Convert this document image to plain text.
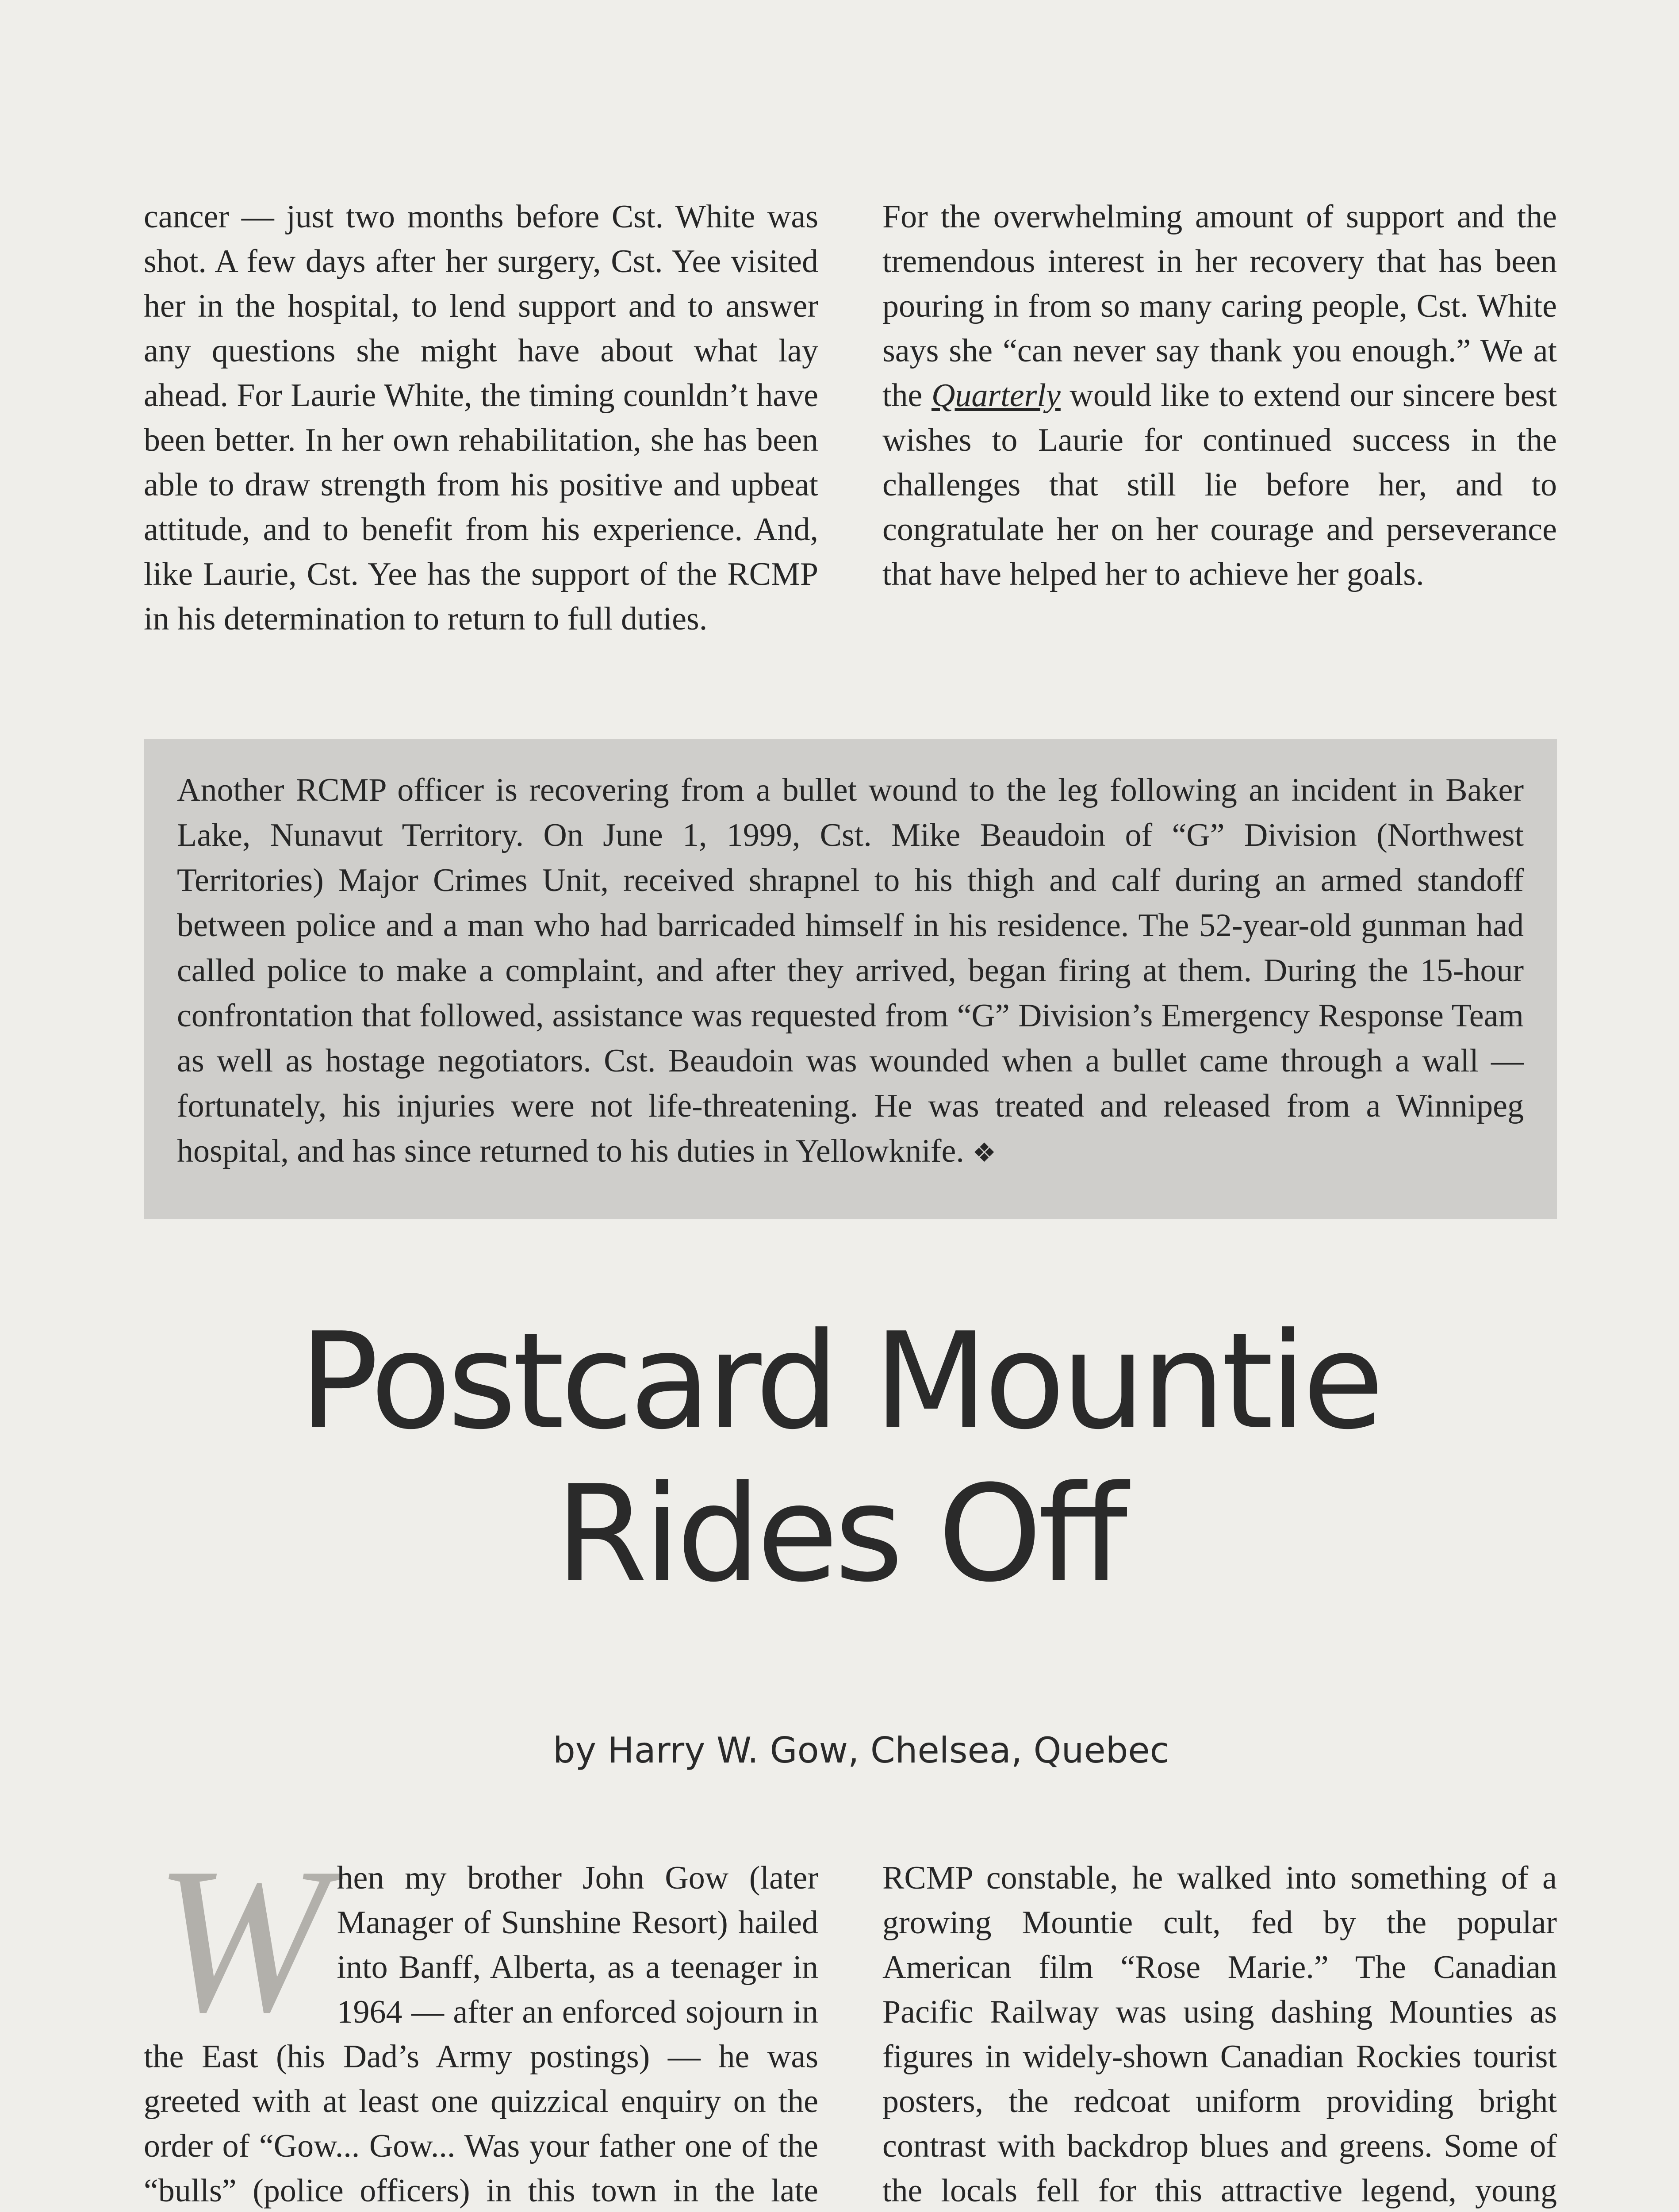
cancer — just two months before Cst. White was shot. A few days after her surgery, Cst. Yee visited her in the hospital, to lend support and to answer any questions she might have about what lay ahead. For Laurie White, the timing counldn’t have been better. In her own rehabilitation, she has been able to draw strength from his positive and upbeat attitude, and to benefit from his experience. And, like Laurie, Cst. Yee has the support of the RCMP in his determination to return to full duties.

For the overwhelming amount of support and the tremendous interest in her recovery that has been pouring in from so many caring people, Cst. White says she “can never say thank you enough.” We at the Quarterly would like to extend our sincere best wishes to Laurie for continued success in the challenges that still lie before her, and to congratulate her on her courage and perseverance that have helped her to achieve her goals.

Another RCMP officer is recovering from a bullet wound to the leg following an incident in Baker Lake, Nunavut Territory. On June 1, 1999, Cst. Mike Beaudoin of “G” Division (Northwest Territories) Major Crimes Unit, received shrapnel to his thigh and calf during an armed standoff between police and a man who had barricaded himself in his residence. The 52-year-old gunman had called police to make a complaint, and after they arrived, began firing at them. During the 15-hour confrontation that followed, assistance was requested from “G” Division’s Emergency Response Team as well as hostage negotiators. Cst. Beaudoin was wounded when a bullet came through a wall — fortunately, his injuries were not life-threatening. He was treated and released from a Winnipeg hospital, and has since returned to his duties in Yellowknife. ❖

Postcard Mountie
Rides Off
by Harry W. Gow, Chelsea, Quebec

When my brother John Gow (later Manager of Sunshine Resort) hailed into Banff, Alberta, as a teenager in 1964 — after an enforced sojourn in the East (his Dad’s Army postings) — he was greeted with at least one quizzical enquiry on the order of “Gow... Gow... Was your father one of the “bulls” (police officers) in this town in the late

RCMP constable, he walked into something of a growing Mountie cult, fed by the popular American film “Rose Marie.” The Canadian Pacific Railway was using dashing Mounties as figures in widely-shown Canadian Rockies tourist posters, the redcoat uniform providing bright contrast with backdrop blues and greens. Some of the locals fell for this attractive legend, young
